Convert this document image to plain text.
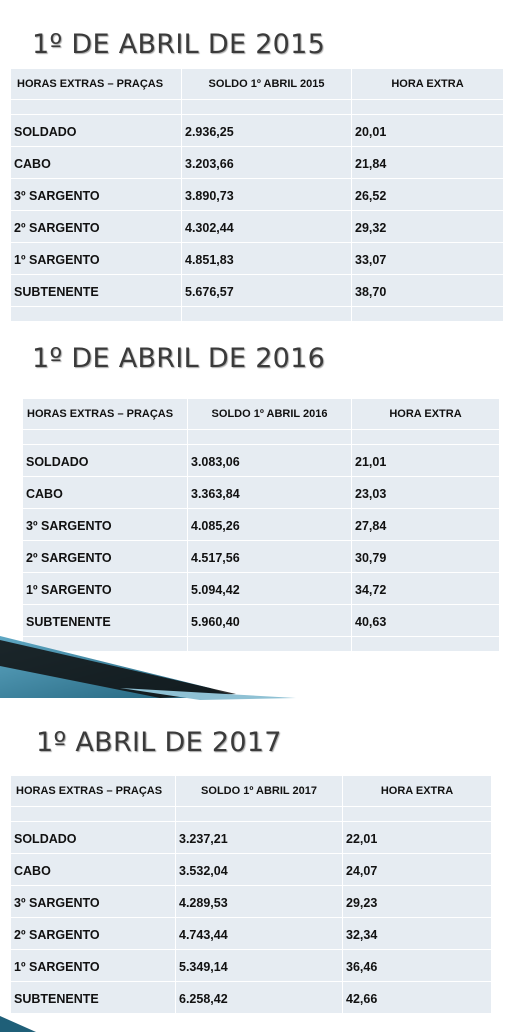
1º DE ABRIL DE 2015
HORAS EXTRAS – PRAÇAS	SOLDO 1º ABRIL 2015	HORA EXTRA

SOLDADO	2.936,25	20,01
CABO	3.203,66	21,84
3º SARGENTO	3.890,73	26,52
2º SARGENTO	4.302,44	29,32
1º SARGENTO	4.851,83	33,07
SUBTENENTE	5.676,57	38,70

1º DE ABRIL DE 2016
HORAS EXTRAS – PRAÇAS	SOLDO 1º ABRIL 2016	HORA EXTRA

SOLDADO	3.083,06	21,01
CABO	3.363,84	23,03
3º SARGENTO	4.085,26	27,84
2º SARGENTO	4.517,56	30,79
1º SARGENTO	5.094,42	34,72
SUBTENENTE	5.960,40	40,63

1º ABRIL DE 2017
HORAS EXTRAS – PRAÇAS	SOLDO 1º ABRIL 2017	HORA EXTRA

SOLDADO	3.237,21	22,01
CABO	3.532,04	24,07
3º SARGENTO	4.289,53	29,23
2º SARGENTO	4.743,44	32,34
1º SARGENTO	5.349,14	36,46
SUBTENENTE	6.258,42	42,66
